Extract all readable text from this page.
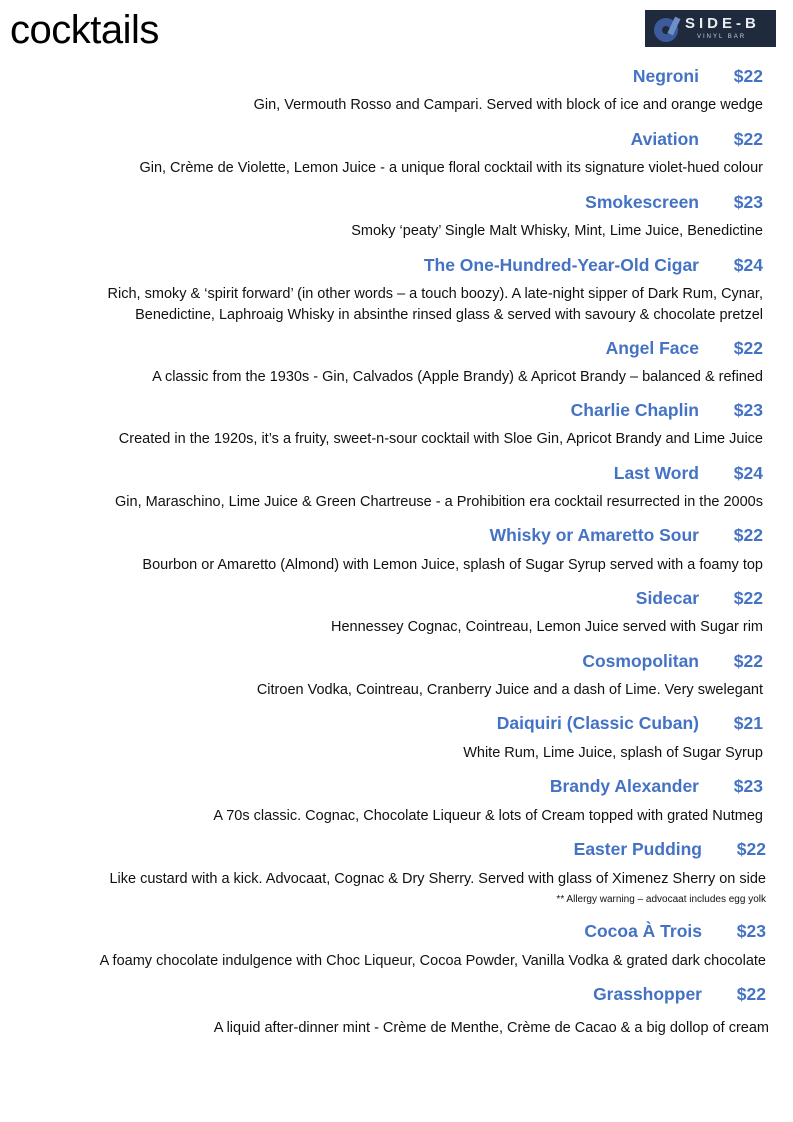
cocktails	SIDE-B
VINYL BAR
Negroni	$22
Gin, Vermouth Rosso and Campari. Served with block of ice and orange wedge
Aviation	$22
Gin, Crème de Violette, Lemon Juice - a unique floral cocktail with its signature violet-hued colour
Smokescreen	$23
Smoky ‘peaty’ Single Malt Whisky, Mint, Lime Juice, Benedictine
The One-Hundred-Year-Old Cigar	$24
Rich, smoky & ‘spirit forward’ (in other words – a touch boozy). A late-night sipper of Dark Rum, Cynar,
Benedictine, Laphroaig Whisky in absinthe rinsed glass & served with savoury & chocolate pretzel
Angel Face	$22
A classic from the 1930s - Gin, Calvados (Apple Brandy) & Apricot Brandy – balanced & refined
Charlie Chaplin	$23
Created in the 1920s, it’s a fruity, sweet-n-sour cocktail with Sloe Gin, Apricot Brandy and Lime Juice
Last Word	$24
Gin, Maraschino, Lime Juice & Green Chartreuse - a Prohibition era cocktail resurrected in the 2000s
Whisky or Amaretto Sour	$22
Bourbon or Amaretto (Almond) with Lemon Juice, splash of Sugar Syrup served with a foamy top
Sidecar	$22
Hennessey Cognac, Cointreau, Lemon Juice served with Sugar rim
Cosmopolitan	$22
Citroen Vodka, Cointreau, Cranberry Juice and a dash of Lime. Very swelegant
Daiquiri (Classic Cuban)	$21
White Rum, Lime Juice, splash of Sugar Syrup
Brandy Alexander	$23
A 70s classic. Cognac, Chocolate Liqueur & lots of Cream topped with grated Nutmeg
Easter Pudding	$22
Like custard with a kick. Advocaat, Cognac & Dry Sherry. Served with glass of Ximenez Sherry on side
** Allergy warning – advocaat includes egg yolk
Cocoa À Trois	$23
A foamy chocolate indulgence with Choc Liqueur, Cocoa Powder, Vanilla Vodka & grated dark chocolate
Grasshopper	$22
A liquid after-dinner mint - Crème de Menthe, Crème de Cacao & a big dollop of cream
